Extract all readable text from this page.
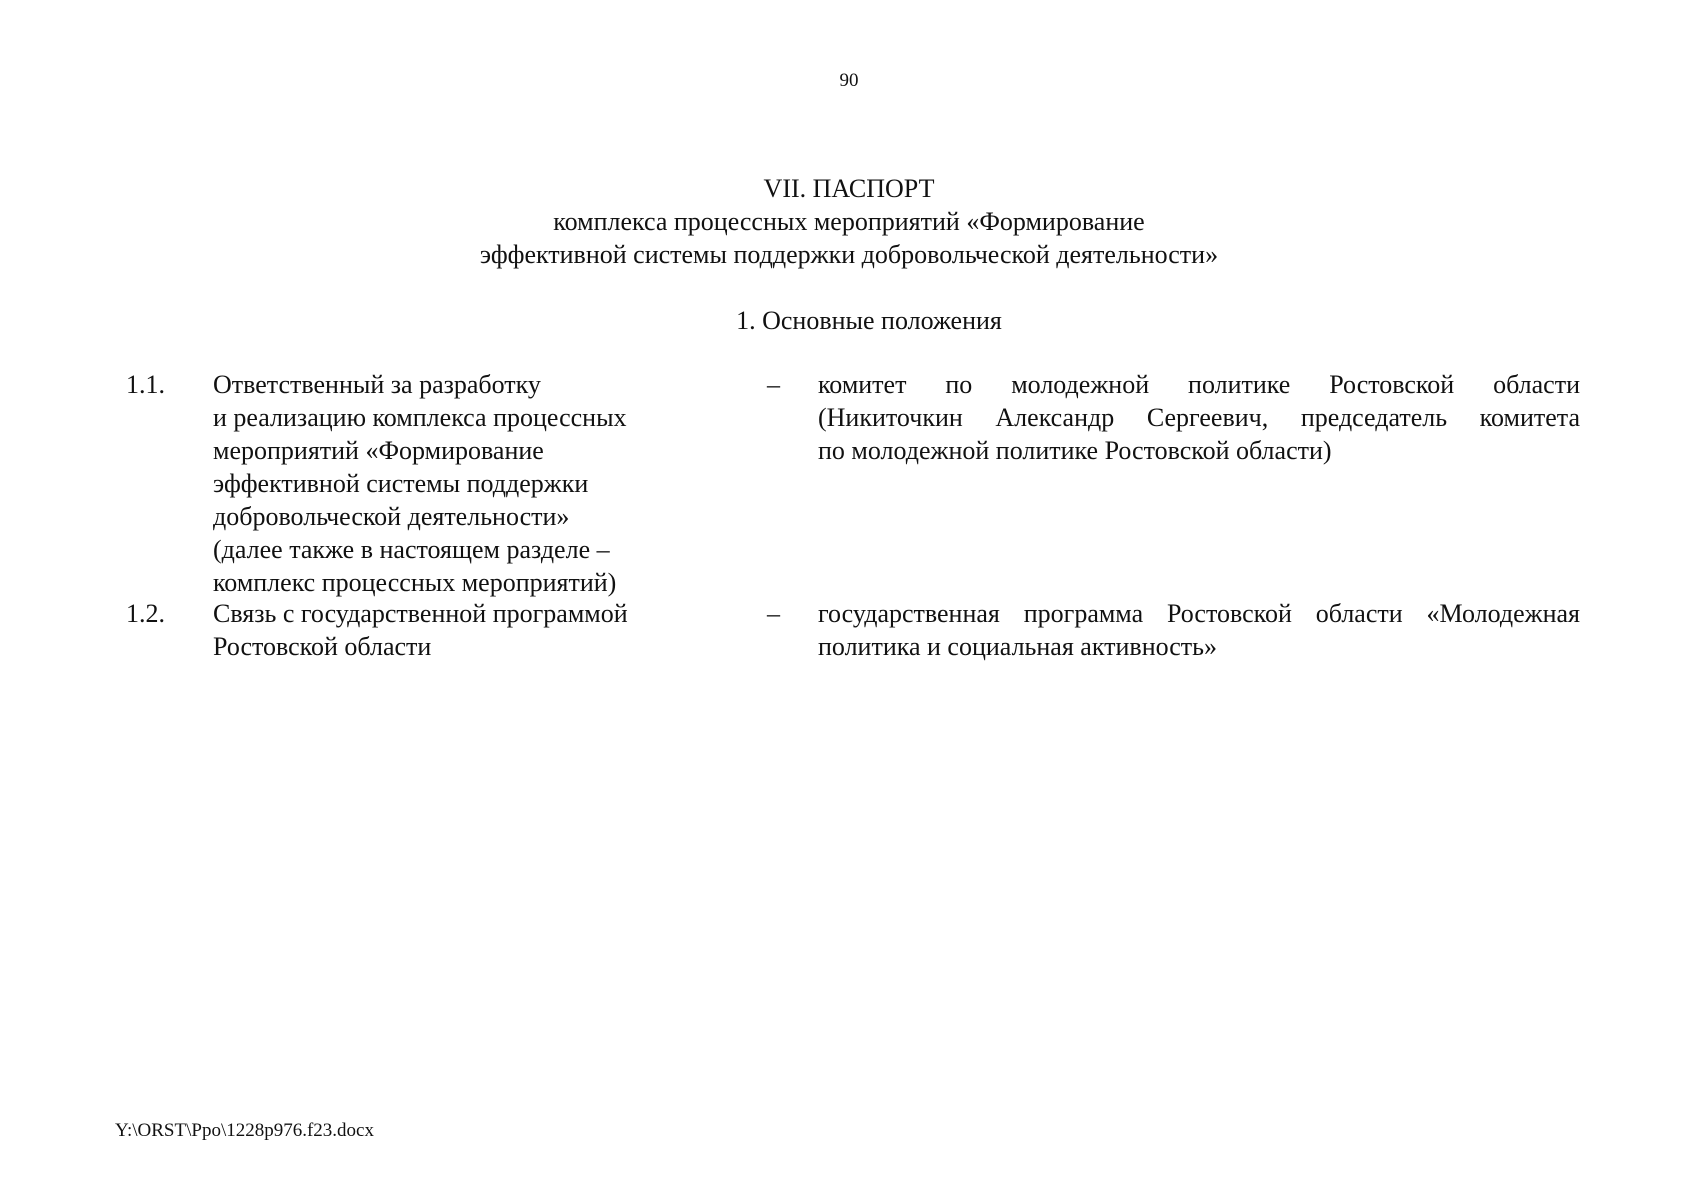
90
VII. ПАСПОРТ
комплекса процессных мероприятий «Формирование
эффективной системы поддержки добровольческой деятельности»
1. Основные положения
1.1. Ответственный за разработку
и реализацию комплекса процессных
мероприятий «Формирование
эффективной системы поддержки
добровольческой деятельности»
(далее также в настоящем разделе –
комплекс процессных мероприятий)
– комитет по молодежной политике Ростовской области
(Никиточкин Александр Сергеевич, председатель комитета
по молодежной политике Ростовской области)
1.2. Связь с государственной программой
Ростовской области
– государственная программа Ростовской области «Молодежная
политика и социальная активность»
Y:\ORST\Ppo\1228p976.f23.docx
